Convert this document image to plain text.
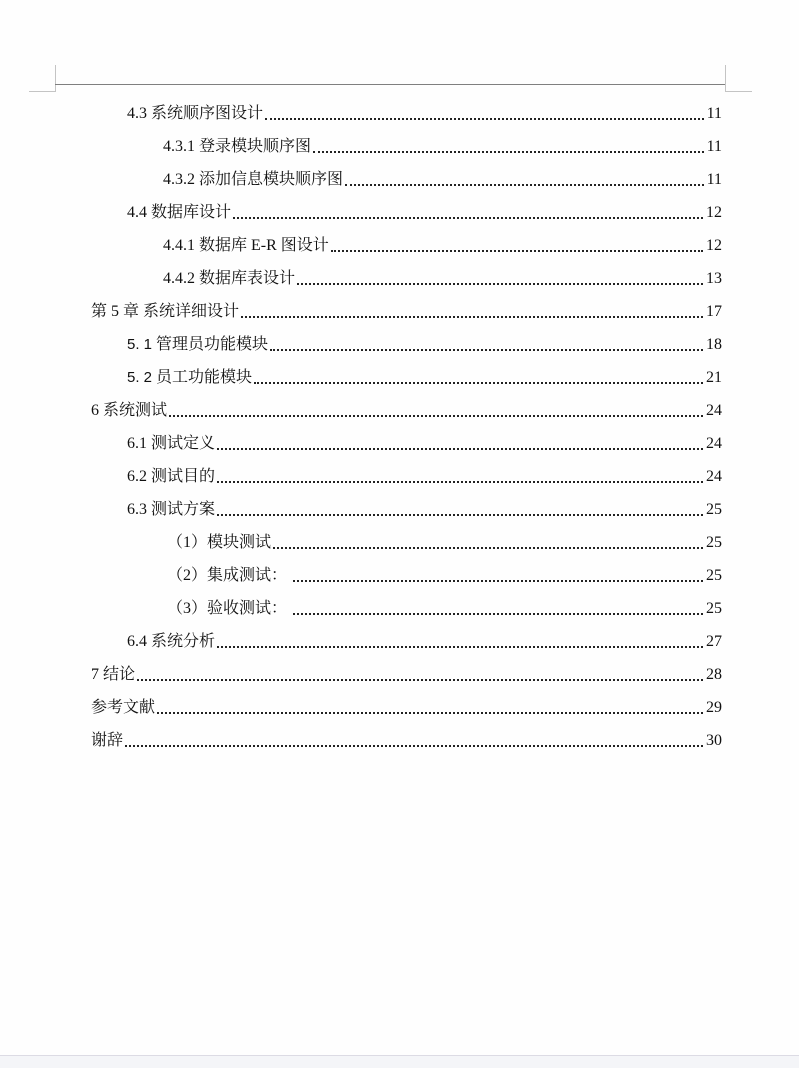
4.3 系统顺序图设计	11
4.3.1 登录模块顺序图	11
4.3.2 添加信息模块顺序图	11
4.4 数据库设计	12
4.4.1 数据库 E-R 图设计	12
4.4.2 数据库表设计	13
第 5 章 系统详细设计	17
5. 1 管理员功能模块	18
5. 2 员工功能模块	21
6 系统测试	24
6.1 测试定义	24
6.2 测试目的	24
6.3 测试方案	25
（1）模块测试	25
（2）集成测试：	25
（3）验收测试：	25
6.4 系统分析	27
7 结论	28
参考文献	29
谢辞	30
